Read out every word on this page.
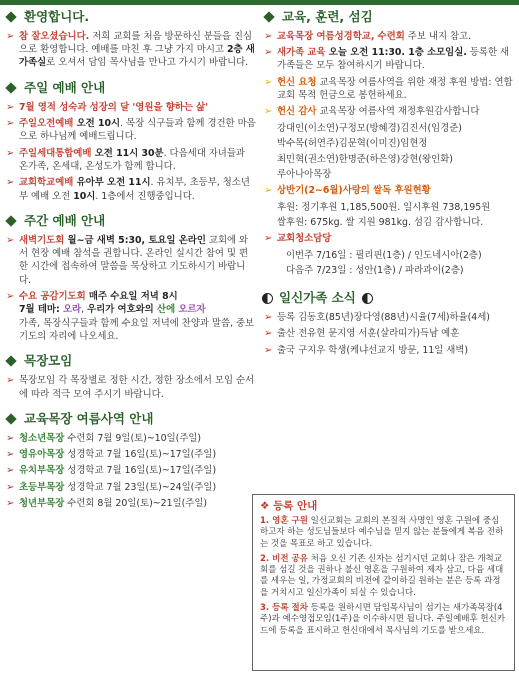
환영합니다.
➢ 참 잘오셨습니다. 저희 교회를 처음 방문하신 분들을 진심으로 환영합니다. 예배를 마친 후 그냥 가지 마시고 2층 새가족실로 오셔서 담임 목사님을 만나고 가시기 바랍니다.
주일 예배 안내
➢ 7월 영적 성숙과 성장의 달 '영원을 향하는 삶'
➢ 주일오전예배 오전 10시. 목장 식구들과 함께 경건한 마음으로 하나님께 예배드립니다.
➢ 주일세대통합예배 오전 11시 30분. 다음세대 자녀들과 온가족, 온세대, 온성도가 함께 합니다.
➢ 교회학교예배 유아부 오전 11시. 유치부, 초등부, 청소년부 예배 오전 10시. 1층에서 진행중입니다.
주간 예배 안내
➢ 새벽기도회 월~금 새벽 5:30, 토요일 온라인 교회에 와서 현장 예배 참석을 권합니다. 온라인 실시간 참여 및 편한 시간에 접속하여 말씀을 묵상하고 기도하시기 바랍니다.
➢ 수요 공감기도회 매주 수요일 저녁 8시
7월 테마: 오라, 우리가 여호와의 산에 오르자
가족, 목장식구들과 함께 수요일 저녁에 찬양과 말씀, 중보 기도의 자리에 나오세요.
목장모임
➢ 목장모임 각 목장별로 정한 시간, 정한 장소에서 모임 순서에 따라 적극 모여 주시기 바랍니다.
교육목장 여름사역 안내
➢ 청소년목장 수련회 7월 9일(토)~10일(주일)
➢ 영유아목장 성경학교 7월 16일(토)~17일(주일)
➢ 유치부목장 성경학교 7월 16일(토)~17일(주일)
➢ 초등부목장 성경학교 7월 23일(토)~24일(주일)
➢ 청년부목장 수련회 8월 20일(토)~21일(주일)
교육, 훈련, 섬김
➢ 교육목장 여름성경학교, 수련회 주보 내지 참고.
➢ 새가족 교육 오늘 오전 11:30. 1층 소모임실. 등록한 새가족들은 모두 참여하시기 바랍니다.
➢ 헌신 요청 교육목장 여름사역을 위한 재정 후원 방법: 연합교회 목적 헌금으로 봉헌하세요.
➢ 헌신 감사 교육목장 여름사역 재정후원감사합니다
강대인(이소연)구정모(방혜경)김진서(임경준)
박수목(허연주)김문혁(이미진)임현정
최민혁(권소연)한명준(하은영)강현(왕인화)
루아나아목장
➢ 상반기(2~6월)사랑의 쌀독 후원현황
후원: 정기후원 1,185,500원. 일시후원 738,195원
쌀후원: 675kg. 쌀 지원 981kg. 섬김 감사합니다.
➢ 교회청소담당
이번주 7/16일 : 필리핀(1층) / 인도네시아(2층)
다음주 7/23일 : 성안(1층) / 파라과이(2층)
일신가족 소식
➢ 등록 김동호(85년)장다영(88년)시율(7세)하율(4세)
➢ 출산 전유현 문지영 서훈(살라띠가)득남 예훈
➢ 출국 구지우 학생(케냐선교지 방문, 11일 새벽)
❖ 등록 안내

1. 영혼 구원 일신교회는 교회의 본질적 사명인 영혼 구원에 중심하고자 하는 성도님들보다 예수님을 믿지 않는 분들에게 복음 전하는 것을 목표로 하고 있습니다.

2. 비전 공유 처음 오신 기존 신자는 섬기시던 교회나 잠은 개척교회를 섬길 것을 권하나 불신 영혼을 구원하여 제자 삼고, 다음 세대를 세우는 일, 가정교회의 비전에 같이하길 원하는 분은 등록 과정을 거치시고 일신가족이 되실 수 있습니다.

3. 등록 절차 등록을 원하시면 담임목사님이 섬기는 새가족목장(4주)과 예수영접모임(1주)을 이수하시면 됩니다. 주일예배후 헌신카드에 등록을 표시하고 헌신대에서 목사님의 기도를 받으세요.
